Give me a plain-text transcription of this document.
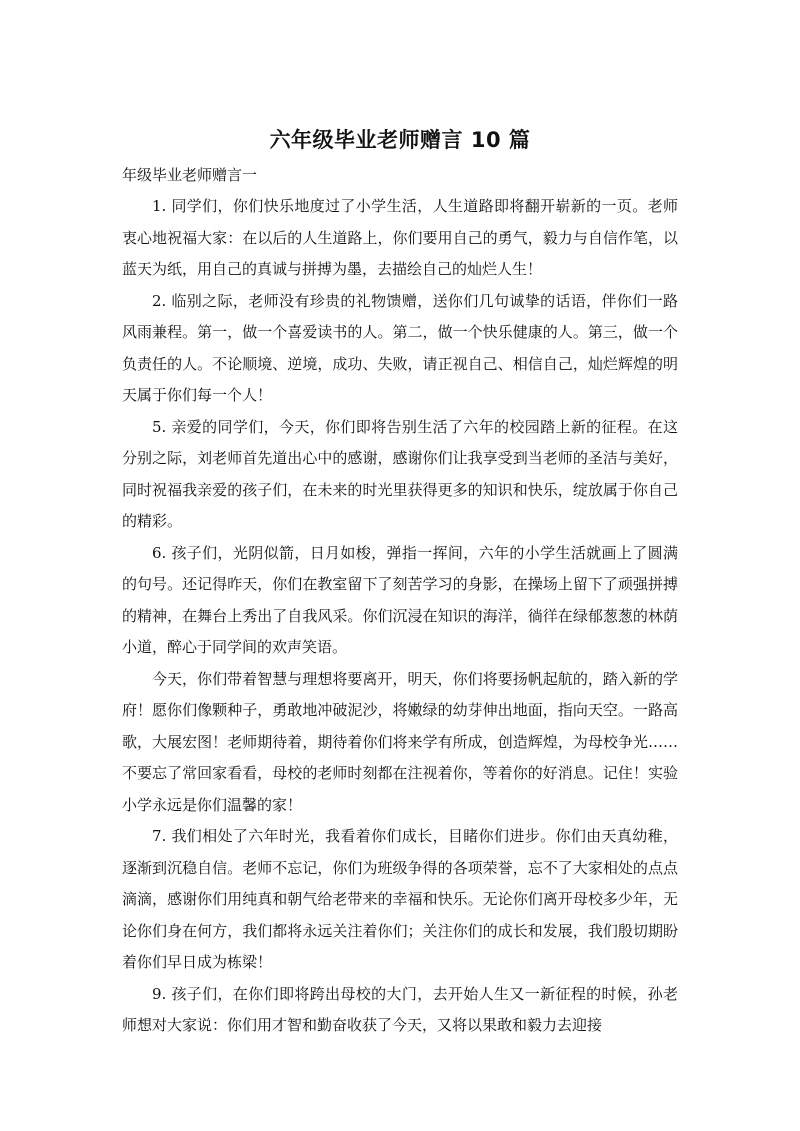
六年级毕业老师赠言 10 篇
年级毕业老师赠言一

1. 同学们，你们快乐地度过了小学生活，人生道路即将翻开崭新的一页。老师衷心地祝福大家：在以后的人生道路上，你们要用自己的勇气，毅力与自信作笔，以蓝天为纸，用自己的真诚与拼搏为墨，去描绘自己的灿烂人生！

2. 临别之际，老师没有珍贵的礼物馈赠，送你们几句诚挚的话语，伴你们一路风雨兼程。第一，做一个喜爱读书的人。第二，做一个快乐健康的人。第三，做一个负责任的人。不论顺境、逆境，成功、失败，请正视自己、相信自己，灿烂辉煌的明天属于你们每一个人！

5. 亲爱的同学们，今天，你们即将告别生活了六年的校园踏上新的征程。在这分别之际，刘老师首先道出心中的感谢，感谢你们让我享受到当老师的圣洁与美好，同时祝福我亲爱的孩子们，在未来的时光里获得更多的知识和快乐，绽放属于你自己的精彩。

6. 孩子们，光阴似箭，日月如梭，弹指一挥间，六年的小学生活就画上了圆满的句号。还记得昨天，你们在教室留下了刻苦学习的身影，在操场上留下了顽强拼搏的精神，在舞台上秀出了自我风采。你们沉浸在知识的海洋，徜徉在绿郁葱葱的林荫小道，醉心于同学间的欢声笑语。

今天，你们带着智慧与理想将要离开，明天，你们将要扬帆起航的，踏入新的学府！愿你们像颗种子，勇敢地冲破泥沙，将嫩绿的幼芽伸出地面，指向天空。一路高歌，大展宏图！老师期待着，期待着你们将来学有所成，创造辉煌，为母校争光……不要忘了常回家看看，母校的老师时刻都在注视着你，等着你的好消息。记住！实验小学永远是你们温馨的家！

7. 我们相处了六年时光，我看着你们成长，目睹你们进步。你们由天真幼稚，逐渐到沉稳自信。老师不忘记，你们为班级争得的各项荣誉，忘不了大家相处的点点滴滴，感谢你们用纯真和朝气给老带来的幸福和快乐。无论你们离开母校多少年，无论你们身在何方，我们都将永远关注着你们；关注你们的成长和发展，我们殷切期盼着你们早日成为栋梁！

9. 孩子们，在你们即将跨出母校的大门，去开始人生又一新征程的时候，孙老师想对大家说：你们用才智和勤奋收获了今天，又将以果敢和毅力去迎接
